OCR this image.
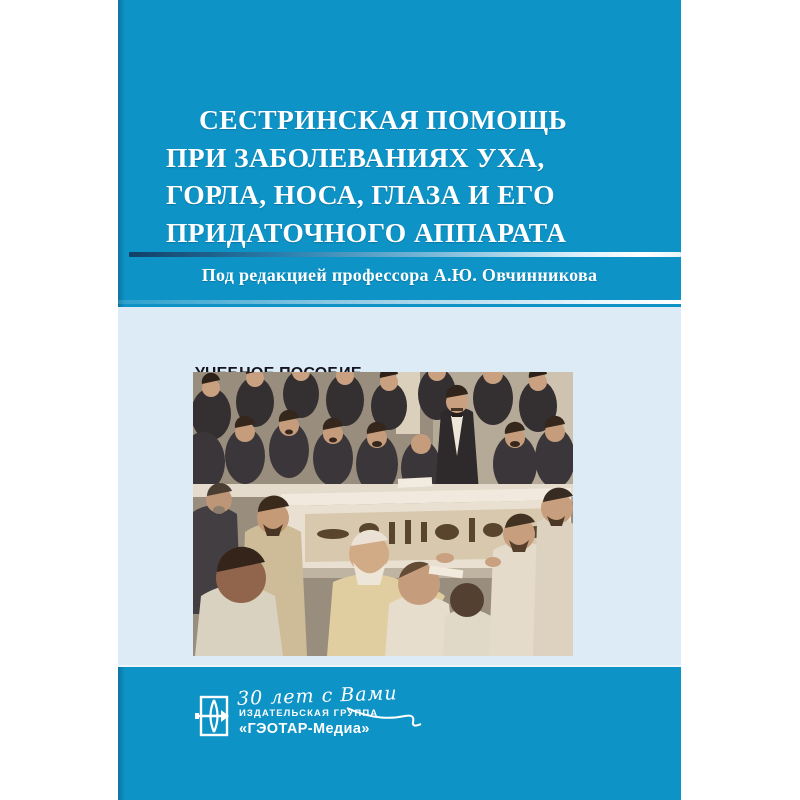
СЕСТРИНСКАЯ ПОМОЩЬ
ПРИ ЗАБОЛЕВАНИЯХ УХА,
ГОРЛА, НОСА, ГЛАЗА И ЕГО
ПРИДАТОЧНОГО АППАРАТА
Под редакцией профессора А.Ю. Овчинникова

30 лет с Вами
ИЗДАТЕЛЬСКАЯ ГРУППА
«ГЭОТАР-Медиа»
